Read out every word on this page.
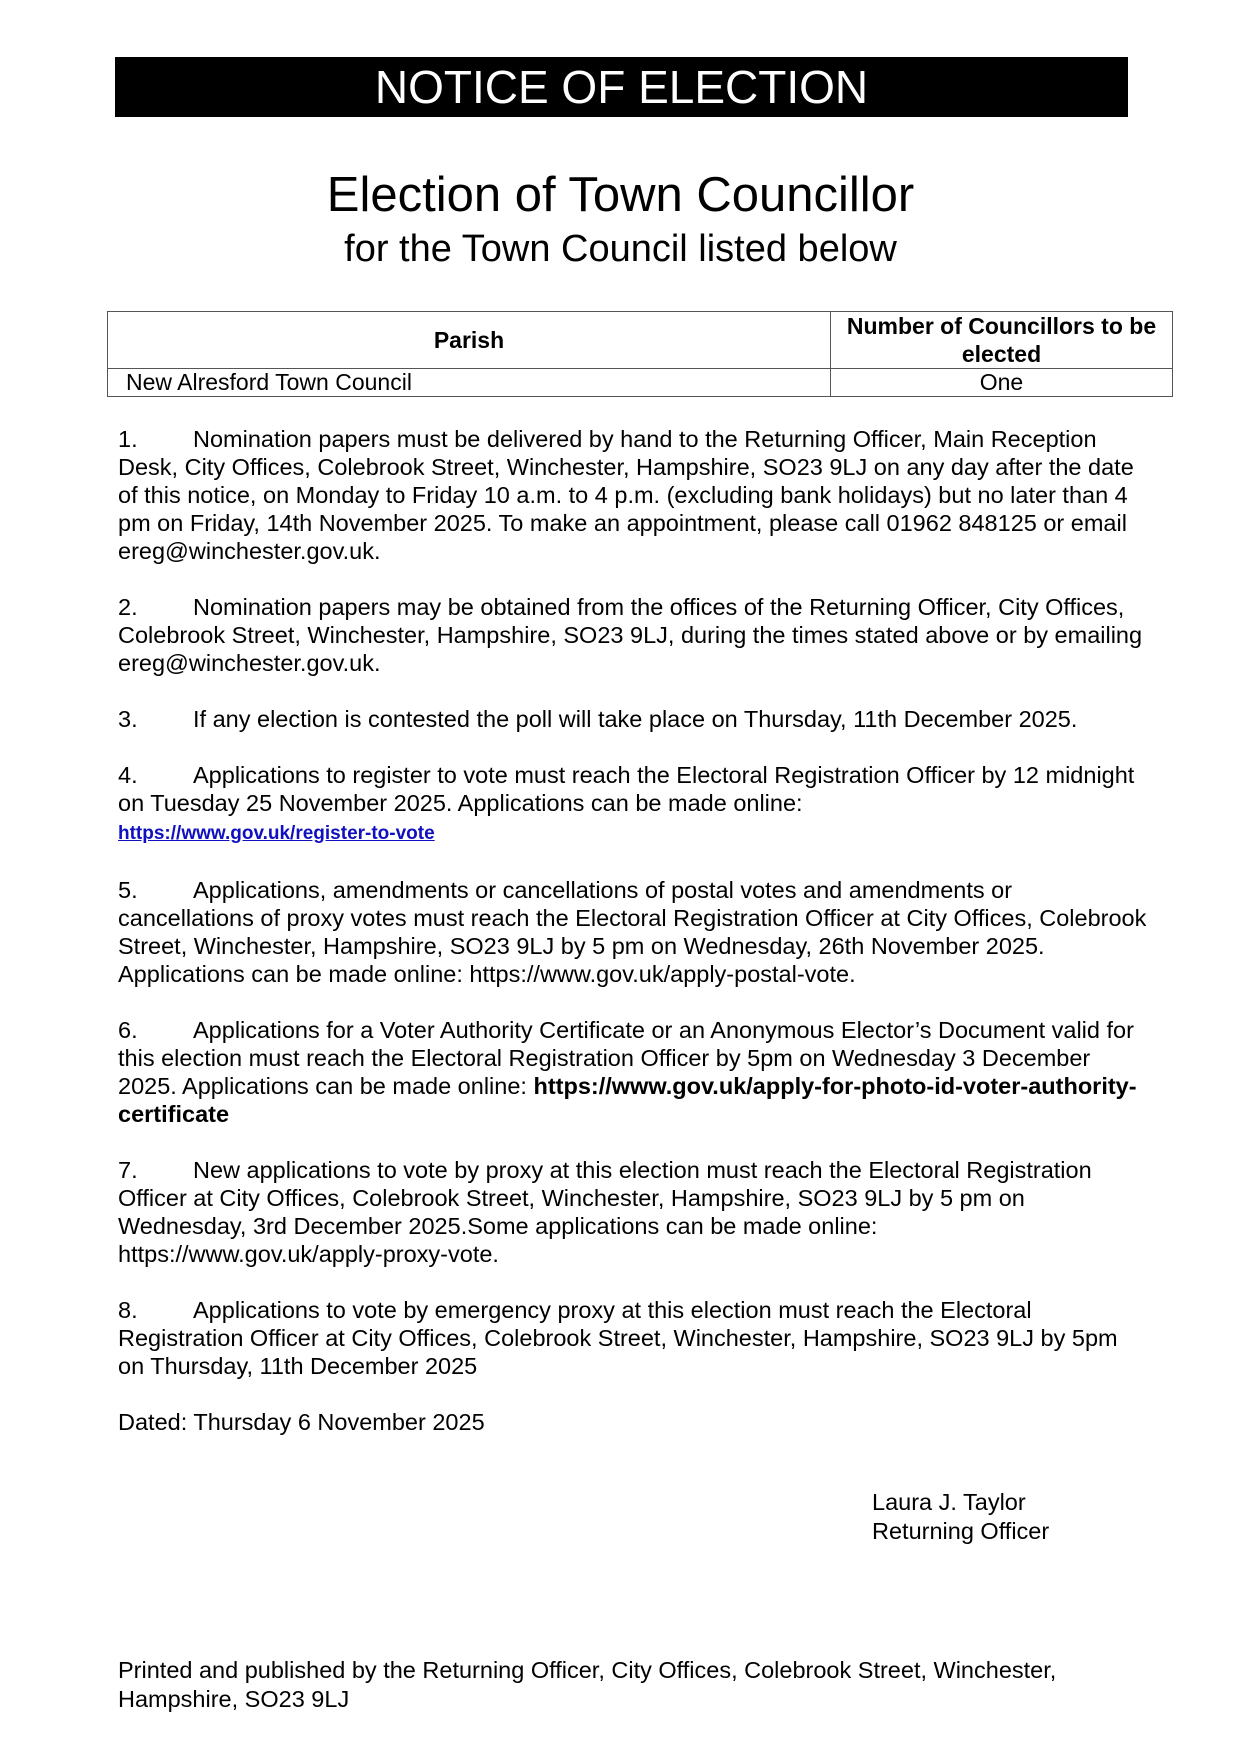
NOTICE OF ELECTION
Election of Town Councillor
for the Town Council listed below
Parish	Number of Councillors to be elected
New Alresford Town Council	One

1. Nomination papers must be delivered by hand to the Returning Officer, Main Reception Desk, City Offices, Colebrook Street, Winchester, Hampshire, SO23 9LJ on any day after the date of this notice, on Monday to Friday 10 a.m. to 4 p.m. (excluding bank holidays) but no later than 4 pm on Friday, 14th November 2025. To make an appointment, please call 01962 848125 or email ereg@winchester.gov.uk.

2. Nomination papers may be obtained from the offices of the Returning Officer, City Offices, Colebrook Street, Winchester, Hampshire, SO23 9LJ, during the times stated above or by emailing ereg@winchester.gov.uk.

3. If any election is contested the poll will take place on Thursday, 11th December 2025.

4. Applications to register to vote must reach the Electoral Registration Officer by 12 midnight on Tuesday 25 November 2025. Applications can be made online:
https://www.gov.uk/register-to-vote

5. Applications, amendments or cancellations of postal votes and amendments or cancellations of proxy votes must reach the Electoral Registration Officer at City Offices, Colebrook Street, Winchester, Hampshire, SO23 9LJ by 5 pm on Wednesday, 26th November 2025. Applications can be made online: https://www.gov.uk/apply-postal-vote.

6. Applications for a Voter Authority Certificate or an Anonymous Elector’s Document valid for this election must reach the Electoral Registration Officer by 5pm on Wednesday 3 December 2025. Applications can be made online: https://www.gov.uk/apply-for-photo-id-voter-authority-certificate

7. New applications to vote by proxy at this election must reach the Electoral Registration Officer at City Offices, Colebrook Street, Winchester, Hampshire, SO23 9LJ by 5 pm on Wednesday, 3rd December 2025.Some applications can be made online: https://www.gov.uk/apply-proxy-vote.

8. Applications to vote by emergency proxy at this election must reach the Electoral Registration Officer at City Offices, Colebrook Street, Winchester, Hampshire, SO23 9LJ by 5pm on Thursday, 11th December 2025

Dated: Thursday 6 November 2025

Laura J. Taylor
Returning Officer
Printed and published by the Returning Officer, City Offices, Colebrook Street, Winchester, Hampshire, SO23 9LJ
